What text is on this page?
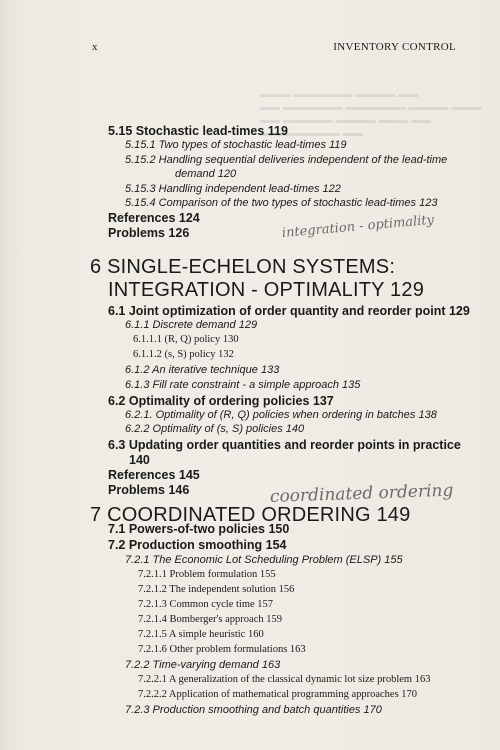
▬▬▬ ▬▬▬▬▬▬ ▬▬▬▬ ▬▬
▬▬ ▬▬▬▬▬▬ ▬▬▬▬▬▬ ▬▬▬▬ ▬▬▬
▬▬ ▬▬▬▬▬ ▬▬▬▬ ▬▬▬ ▬▬
▬▬▬▬▬▬▬▬ ▬▬
x	INVENTORY CONTROL
5.15 Stochastic lead-times 119
5.15.1 Two types of stochastic lead-times 119
5.15.2 Handling sequential deliveries independent of the lead-time
demand 120
5.15.3 Handling independent lead-times 122
5.15.4 Comparison of the two types of stochastic lead-times 123
References 124
Problems 126
6 SINGLE-ECHELON SYSTEMS:
INTEGRATION - OPTIMALITY 129
6.1 Joint optimization of order quantity and reorder point 129
6.1.1 Discrete demand 129
6.1.1.1 (R, Q) policy 130
6.1.1.2 (s, S) policy 132
6.1.2 An iterative technique 133
6.1.3 Fill rate constraint - a simple approach 135
6.2 Optimality of ordering policies 137
6.2.1. Optimality of (R, Q) policies when ordering in batches 138
6.2.2 Optimality of (s, S) policies 140
6.3 Updating order quantities and reorder points in practice
140
References 145
Problems 146
7 COORDINATED ORDERING 149
7.1 Powers-of-two policies 150
7.2 Production smoothing 154
7.2.1 The Economic Lot Scheduling Problem (ELSP) 155
7.2.1.1 Problem formulation 155
7.2.1.2 The independent solution 156
7.2.1.3 Common cycle time 157
7.2.1.4 Bomberger's approach 159
7.2.1.5 A simple heuristic 160
7.2.1.6 Other problem formulations 163
7.2.2 Time-varying demand 163
7.2.2.1 A generalization of the classical dynamic lot size problem 163
7.2.2.2 Application of mathematical programming approaches 170
7.2.3 Production smoothing and batch quantities 170
integration - optimality
coordinated ordering
